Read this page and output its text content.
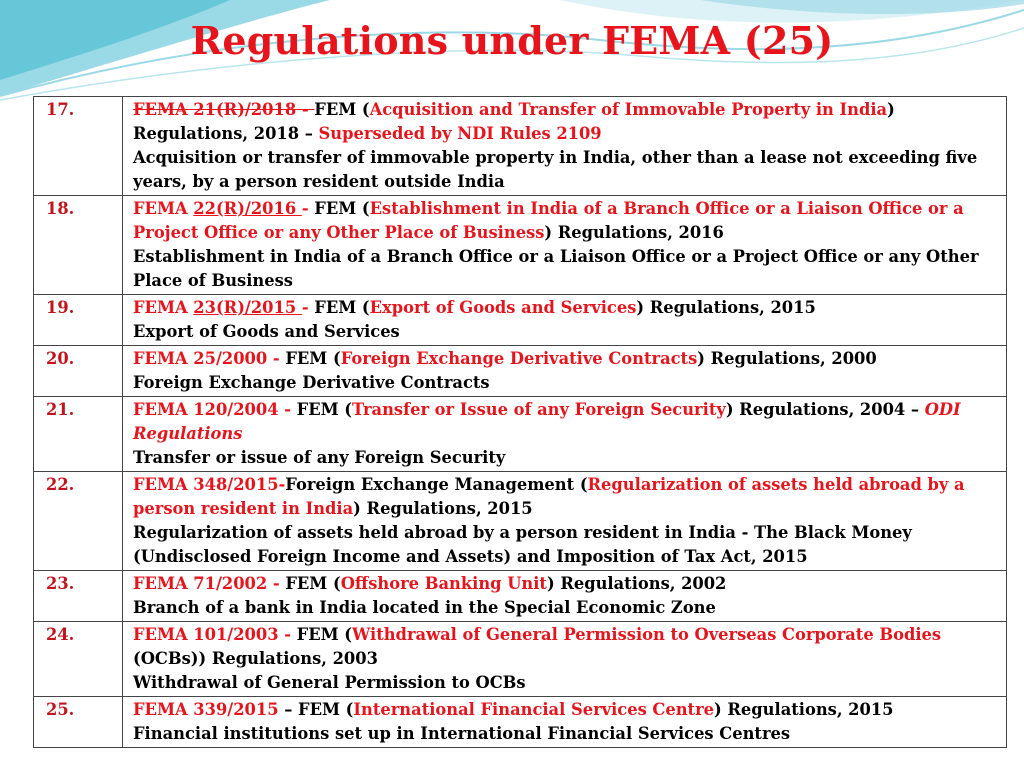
Regulations under FEMA (25)
17.	FEMA 21(R)/2018 - FEM (Acquisition and Transfer of Immovable Property in India) Regulations, 2018 – Superseded by NDI Rules 2109
Acquisition or transfer of immovable property in India, other than a lease not exceeding five years, by a person resident outside India

18.	FEMA 22(R)/2016 - FEM (Establishment in India of a Branch Office or a Liaison Office or a Project Office or any Other Place of Business) Regulations, 2016
Establishment in India of a Branch Office or a Liaison Office or a Project Office or any Other Place of Business

19.	FEMA 23(R)/2015 - FEM (Export of Goods and Services) Regulations, 2015
Export of Goods and Services

20.	FEMA 25/2000 - FEM (Foreign Exchange Derivative Contracts) Regulations, 2000
Foreign Exchange Derivative Contracts

21.	FEMA 120/2004 - FEM (Transfer or Issue of any Foreign Security) Regulations, 2004 – ODI Regulations
Transfer or issue of any Foreign Security

22.	FEMA 348/2015-Foreign Exchange Management (Regularization of assets held abroad by a person resident in India) Regulations, 2015
Regularization of assets held abroad by a person resident in India - The Black Money (Undisclosed Foreign Income and Assets) and Imposition of Tax Act, 2015

23.	FEMA 71/2002 - FEM (Offshore Banking Unit) Regulations, 2002
Branch of a bank in India located in the Special Economic Zone

24.	FEMA 101/2003 - FEM (Withdrawal of General Permission to Overseas Corporate Bodies (OCBs)) Regulations, 2003
Withdrawal of General Permission to OCBs

25.	FEMA 339/2015 – FEM (International Financial Services Centre) Regulations, 2015
Financial institutions set up in International Financial Services Centres
